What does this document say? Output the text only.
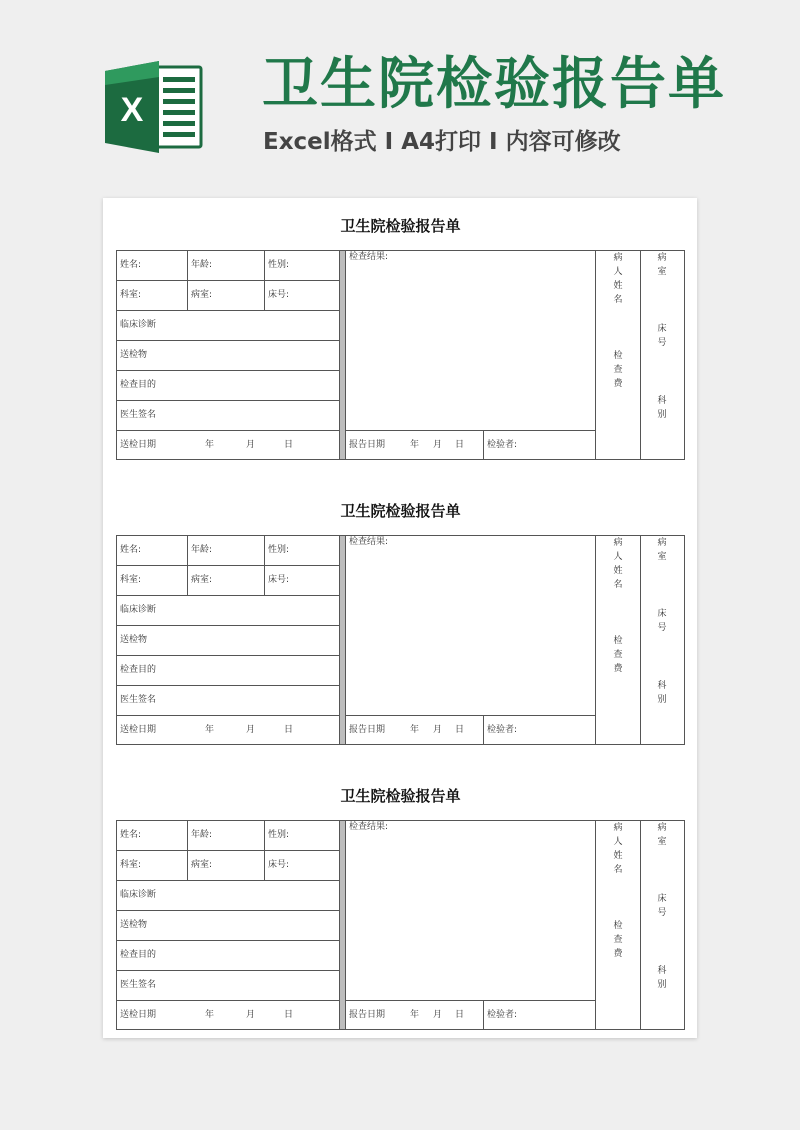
X 卫生院检验报告单
Excel格式 I A4打印 I 内容可修改
卫生院检验报告单
姓名:	年龄:	性别:
科室:	病室:	床号:
临床诊断
送检物
检查目的
医生签名
送检日期	年	月	日
检查结果:
报告日期	年 月 日	检验者:
病人姓名
检查费
病室
床号
科别
卫生院检验报告单
姓名:	年龄:	性别:
科室:	病室:	床号:
临床诊断
送检物
检查目的
医生签名
送检日期	年	月	日
检查结果:
报告日期	年 月 日	检验者:
病人姓名
检查费
病室
床号
科别
卫生院检验报告单
姓名:	年龄:	性别:
科室:	病室:	床号:
临床诊断
送检物
检查目的
医生签名
送检日期	年	月	日
检查结果:
报告日期	年 月 日	检验者:
病人姓名
检查费
病室
床号
科别
